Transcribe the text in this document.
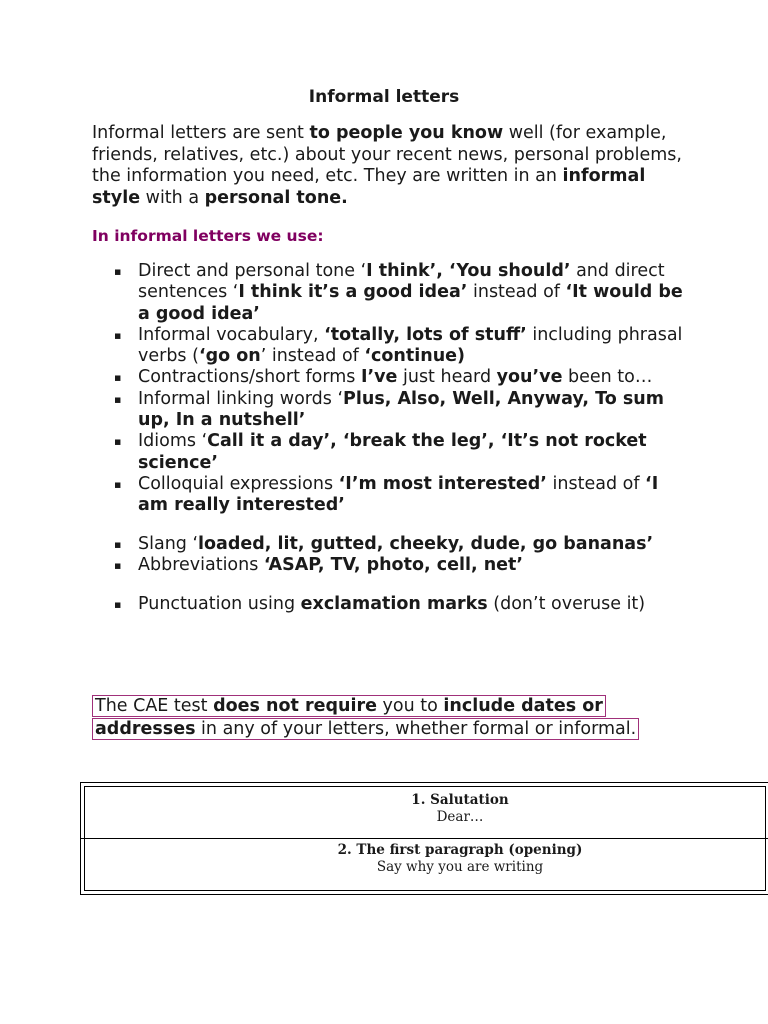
Informal letters

Informal letters are sent to people you know well (for example, friends, relatives, etc.) about your recent news, personal problems, the information you need, etc. They are written in an informal style with a personal tone.

In informal letters we use:

▪ Direct and personal tone ‘I think’, ‘You should’ and direct sentences ‘I think it’s a good idea’ instead of ‘It would be a good idea’
▪ Informal vocabulary, ‘totally, lots of stuff’ including phrasal verbs (‘go on’ instead of ‘continue)
▪ Contractions/short forms I’ve just heard you’ve been to…
▪ Informal linking words ‘Plus, Also, Well, Anyway, To sum up, In a nutshell’
▪ Idioms ‘Call it a day’, ‘break the leg’, ‘It’s not rocket science’
▪ Colloquial expressions ‘I’m most interested’ instead of ‘I am really interested’
▪ Slang ‘loaded, lit, gutted, cheeky, dude, go bananas’
▪ Abbreviations ‘ASAP, TV, photo, cell, net’
▪ Punctuation using exclamation marks (don’t overuse it)

The CAE test does not require you to include dates or addresses in any of your letters, whether formal or informal.

1. Salutation
Dear…
2. The first paragraph (opening)
Say why you are writing
